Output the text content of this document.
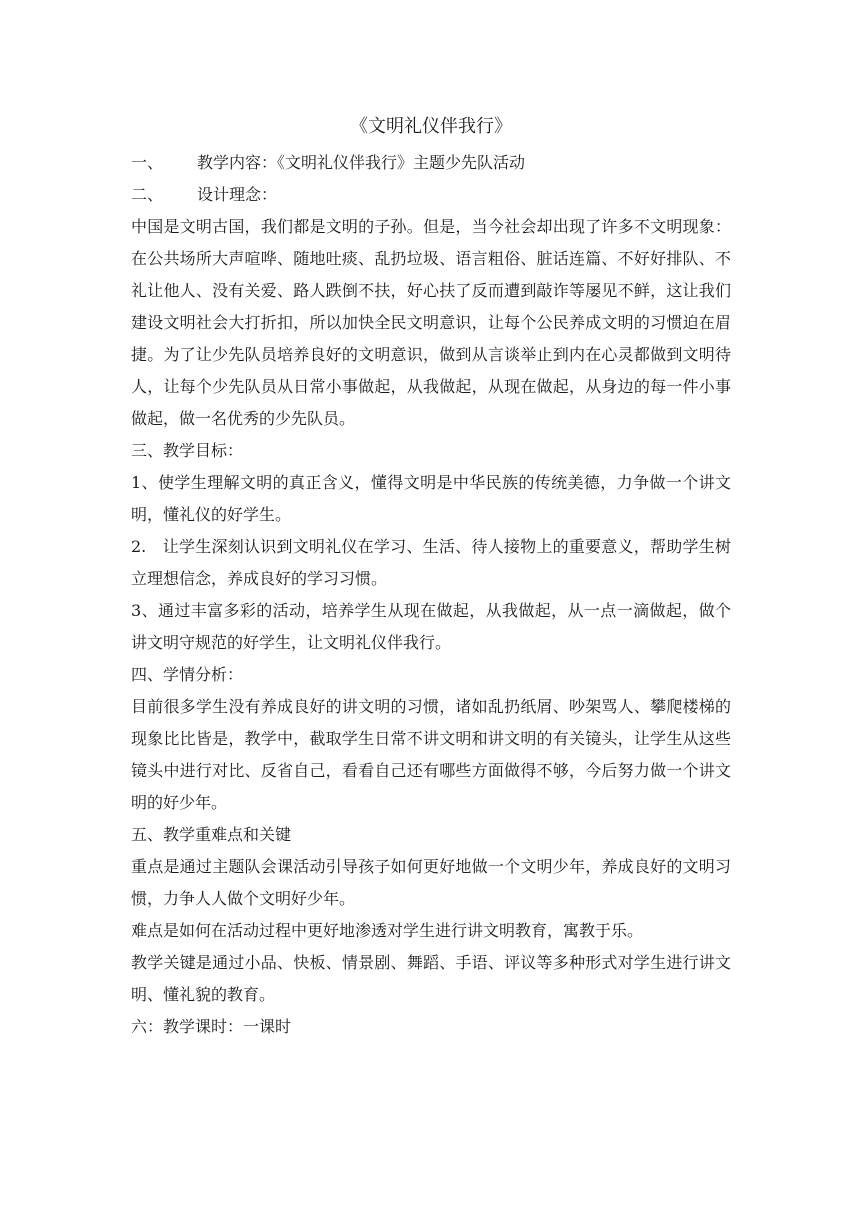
《文明礼仪伴我行》

一、 教学内容：《文明礼仪伴我行》主题少先队活动

二、 设计理念：

中国是文明古国，我们都是文明的子孙。但是，当今社会却出现了许多不文明现象：在公共场所大声喧哗、随地吐痰、乱扔垃圾、语言粗俗、脏话连篇、不好好排队、不礼让他人、没有关爱、路人跌倒不扶，好心扶了反而遭到敲诈等屡见不鲜，这让我们建设文明社会大打折扣，所以加快全民文明意识，让每个公民养成文明的习惯迫在眉捷。为了让少先队员培养良好的文明意识，做到从言谈举止到内在心灵都做到文明待人，让每个少先队员从日常小事做起，从我做起，从现在做起，从身边的每一件小事做起，做一名优秀的少先队员。

三、教学目标：

1、使学生理解文明的真正含义，懂得文明是中华民族的传统美德，力争做一个讲文明，懂礼仪的好学生。

2.　让学生深刻认识到文明礼仪在学习、生活、待人接物上的重要意义，帮助学生树立理想信念，养成良好的学习习惯。

3、通过丰富多彩的活动，培养学生从现在做起，从我做起，从一点一滴做起，做个讲文明守规范的好学生，让文明礼仪伴我行。

四、学情分析：

目前很多学生没有养成良好的讲文明的习惯，诸如乱扔纸屑、吵架骂人、攀爬楼梯的现象比比皆是，教学中，截取学生日常不讲文明和讲文明的有关镜头，让学生从这些镜头中进行对比、反省自己，看看自己还有哪些方面做得不够，今后努力做一个讲文明的好少年。

五、教学重难点和关键

重点是通过主题队会课活动引导孩子如何更好地做一个文明少年，养成良好的文明习惯，力争人人做个文明好少年。

难点是如何在活动过程中更好地渗透对学生进行讲文明教育，寓教于乐。

教学关键是通过小品、快板、情景剧、舞蹈、手语、评议等多种形式对学生进行讲文明、懂礼貌的教育。

六：教学课时：一课时
